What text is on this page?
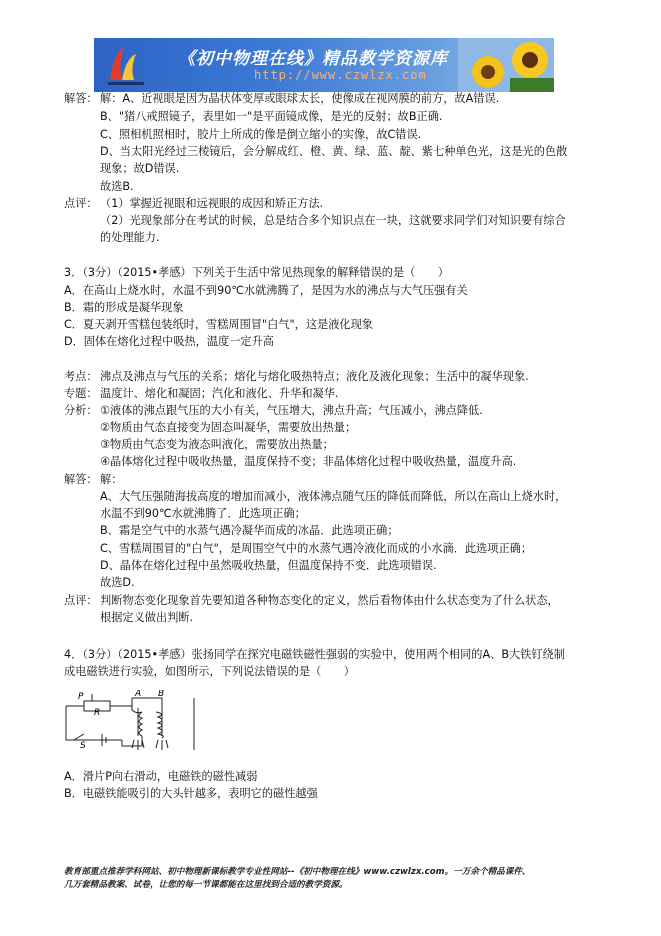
《初中物理在线》精品教学资源库
http://www.czwlzx.com
解答： 解：A、近视眼是因为晶状体变厚或眼球太长，使像成在视网膜的前方，故A错误.
B、"猪八戒照镜子，表里如一"是平面镜成像，是光的反射；故B正确.
C、照相机照相时，胶片上所成的像是倒立缩小的实像，故C错误.
D、当太阳光经过三棱镜后，会分解成红、橙、黄、绿、蓝、靛、紫七种单色光，这是光的色散
现象；故D错误.
故选B.
点评： （1）掌握近视眼和远视眼的成因和矫正方法.
（2）光现象部分在考试的时候，总是结合多个知识点在一块，这就要求同学们对知识要有综合
的处理能力.
3．（3分）（2015•孝感）下列关于生活中常见热现象的解释错误的是（　　）
A．在高山上烧水时，水温不到90℃水就沸腾了，是因为水的沸点与大气压强有关
B．霜的形成是凝华现象
C．夏天剥开雪糕包装纸时，雪糕周围冒"白气"，这是液化现象
D．固体在熔化过程中吸热，温度一定升高
考点： 沸点及沸点与气压的关系；熔化与熔化吸热特点；液化及液化现象；生活中的凝华现象.
专题： 温度计、熔化和凝固；汽化和液化、升华和凝华.
分析： ①液体的沸点跟气压的大小有关，气压增大，沸点升高；气压减小，沸点降低.
②物质由气态直接变为固态叫凝华，需要放出热量；
③物质由气态变为液态叫液化，需要放出热量；
④晶体熔化过程中吸收热量，温度保持不变；非晶体熔化过程中吸收热量，温度升高.
解答： 解：
A、大气压强随海拔高度的增加而减小，液体沸点随气压的降低而降低，所以在高山上烧水时，
水温不到90℃水就沸腾了．此选项正确；
B、霜是空气中的水蒸气遇冷凝华而成的冰晶．此选项正确；
C、雪糕周围冒的"白气"，是周围空气中的水蒸气遇冷液化而成的小水滴．此选项正确；
D、晶体在熔化过程中虽然吸收热量，但温度保持不变．此选项错误.
故选D.
点评： 判断物态变化现象首先要知道各种物态变化的定义，然后看物体由什么状态变为了什么状态，
根据定义做出判断.
4．（3分）（2015•孝感）张扬同学在探究电磁铁磁性强弱的实验中，使用两个相同的A、B大铁钉绕制
成电磁铁进行实验，如图所示，下列说法错误的是（　　）
P
R
A B
S
A．滑片P向右滑动，电磁铁的磁性减弱
B．电磁铁能吸引的大头针越多，表明它的磁性越强
教育部重点推荐学科网站、初中物理新课标教学专业性网站--《初中物理在线》www.czwlzx.com。一万余个精品课件、
几万套精品教案、试卷，让您的每一节课都能在这里找到合适的教学资源。
